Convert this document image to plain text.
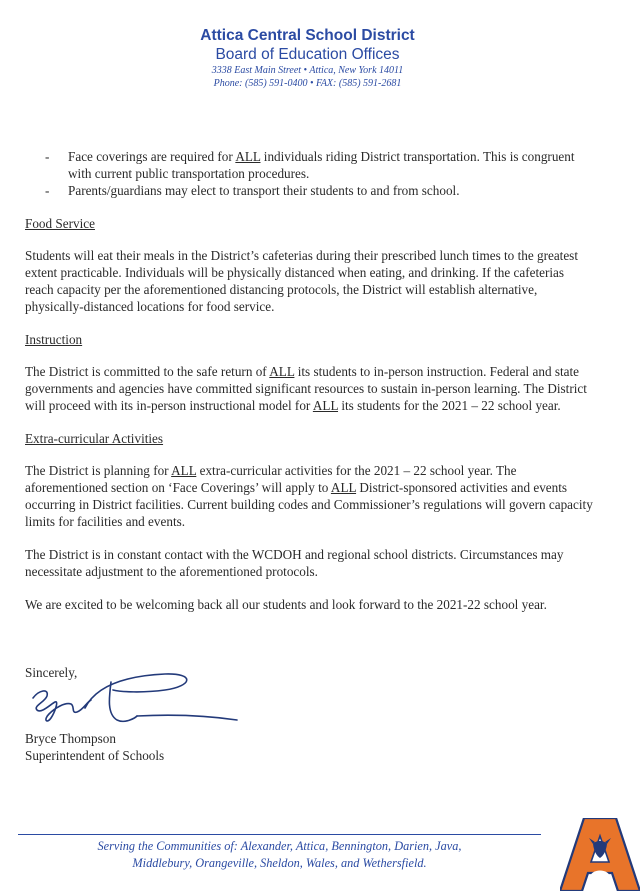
Attica Central School District
Board of Education Offices
3338 East Main Street • Attica, New York 14011
Phone: (585) 591-0400 • FAX: (585) 591-2681
- Face coverings are required for ALL individuals riding District transportation. This is congruent with current public transportation procedures.
- Parents/guardians may elect to transport their students to and from school.

Food Service

Students will eat their meals in the District’s cafeterias during their prescribed lunch times to the greatest extent practicable. Individuals will be physically distanced when eating, and drinking. If the cafeterias reach capacity per the aforementioned distancing protocols, the District will establish alternative, physically-distanced locations for food service.

Instruction

The District is committed to the safe return of ALL its students to in-person instruction. Federal and state governments and agencies have committed significant resources to sustain in-person learning. The District will proceed with its in-person instructional model for ALL its students for the 2021 – 22 school year.

Extra-curricular Activities

The District is planning for ALL extra-curricular activities for the 2021 – 22 school year. The aforementioned section on ‘Face Coverings’ will apply to ALL District-sponsored activities and events occurring in District facilities. Current building codes and Commissioner’s regulations will govern capacity limits for facilities and events.

The District is in constant contact with the WCDOH and regional school districts. Circumstances may necessitate adjustment to the aforementioned protocols.

We are excited to be welcoming back all our students and look forward to the 2021-22 school year.

Sincerely,
Bryce Thompson
Superintendent of Schools
Serving the Communities of: Alexander, Attica, Bennington, Darien, Java,
Middlebury, Orangeville, Sheldon, Wales, and Wethersfield.
